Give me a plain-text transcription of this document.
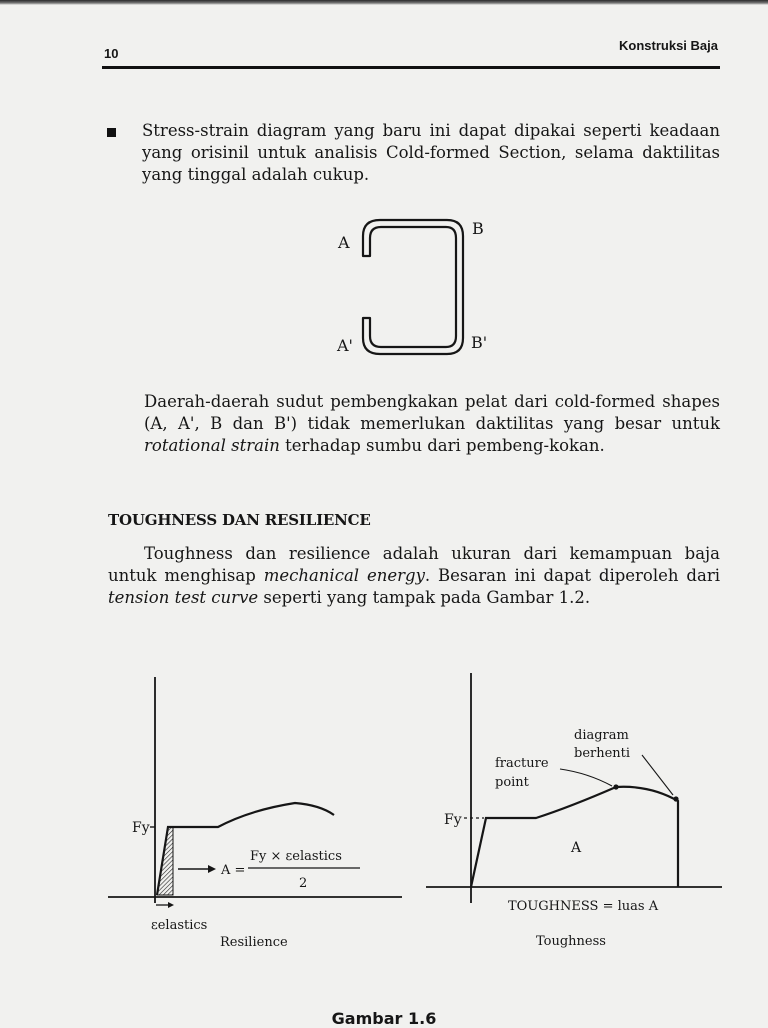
10
Konstruksi Baja
Stress-strain diagram yang baru ini dapat dipakai seperti keadaan yang orisinil untuk analisis Cold-formed Section, selama daktilitas yang tinggal adalah cukup.
A
B
A'	B'

Daerah-daerah sudut pembengkakan pelat dari cold-formed shapes (A, A', B dan B') tidak memerlukan daktilitas yang besar untuk rotational strain terhadap sumbu dari pembeng-kokan.

TOUGHNESS DAN RESILIENCE

Toughness dan resilience adalah ukuran dari kemampuan baja untuk menghisap mechanical energy. Besaran ini dapat diperoleh dari tension test curve seperti yang tampak pada Gambar 1.2.

Fy
A =
Fy × εelastics
2
εelastics
Resilience
Fy
A
fracture
point
diagram
berhenti
TOUGHNESS = luas A
Toughness
Gambar 1.6
